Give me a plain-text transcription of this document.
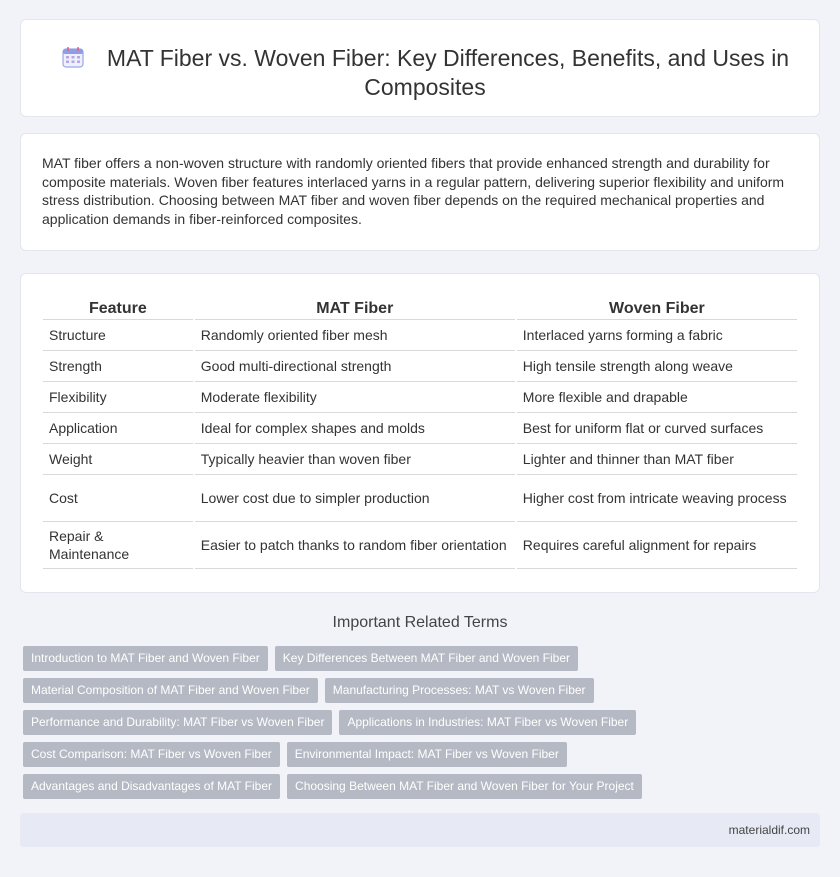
MAT Fiber vs. Woven Fiber: Key Differences, Benefits, and Uses in Composites

MAT fiber offers a non-woven structure with randomly oriented fibers that provide enhanced strength and durability for composite materials. Woven fiber features interlaced yarns in a regular pattern, delivering superior flexibility and uniform stress distribution. Choosing between MAT fiber and woven fiber depends on the required mechanical properties and application demands in fiber-reinforced composites.

Feature	MAT Fiber	Woven Fiber
Structure	Randomly oriented fiber mesh	Interlaced yarns forming a fabric
Strength	Good multi-directional strength	High tensile strength along weave
Flexibility	Moderate flexibility	More flexible and drapable
Application	Ideal for complex shapes and molds	Best for uniform flat or curved surfaces
Weight	Typically heavier than woven fiber	Lighter and thinner than MAT fiber
Cost	Lower cost due to simpler production	Higher cost from intricate weaving process
Repair & Maintenance	Easier to patch thanks to random fiber orientation	Requires careful alignment for repairs
Important Related Terms
Introduction to MAT Fiber and Woven Fiber	Key Differences Between MAT Fiber and Woven Fiber
Material Composition of MAT Fiber and Woven Fiber	Manufacturing Processes: MAT vs Woven Fiber
Performance and Durability: MAT Fiber vs Woven Fiber	Applications in Industries: MAT Fiber vs Woven Fiber
Cost Comparison: MAT Fiber vs Woven Fiber	Environmental Impact: MAT Fiber vs Woven Fiber
Advantages and Disadvantages of MAT Fiber	Choosing Between MAT Fiber and Woven Fiber for Your Project
materialdif.com
